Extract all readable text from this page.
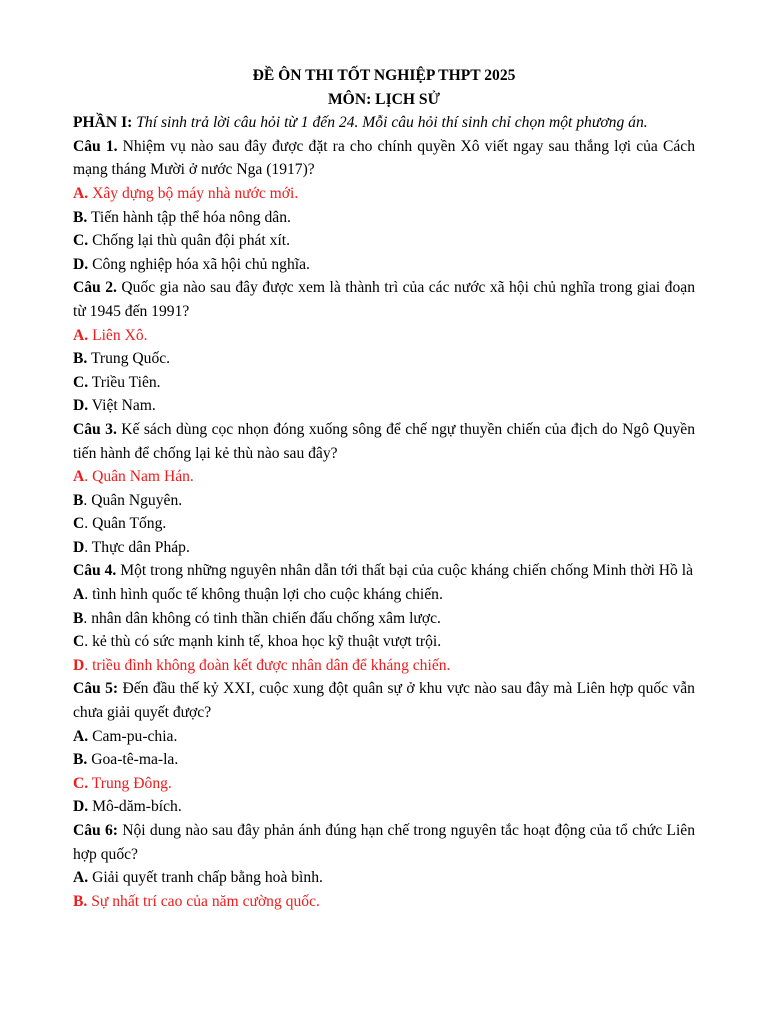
ĐỀ ÔN THI TỐT NGHIỆP THPT 2025
MÔN: LỊCH SỬ
PHẦN I: Thí sinh trả lời câu hỏi từ 1 đến 24. Mỗi câu hỏi thí sinh chỉ chọn một phương án.
Câu 1. Nhiệm vụ nào sau đây được đặt ra cho chính quyền Xô viết ngay sau thắng lợi của Cách mạng tháng Mười ở nước Nga (1917)?
A. Xây dựng bộ máy nhà nước mới.
B. Tiến hành tập thể hóa nông dân.
C. Chống lại thù quân đội phát xít.
D. Công nghiệp hóa xã hội chủ nghĩa.
Câu 2. Quốc gia nào sau đây được xem là thành trì của các nước xã hội chủ nghĩa trong giai đoạn từ 1945 đến 1991?
A. Liên Xô.
B. Trung Quốc.
C. Triều Tiên.
D. Việt Nam.
Câu 3. Kế sách dùng cọc nhọn đóng xuống sông để chế ngự thuyền chiến của địch do Ngô Quyền tiến hành để chống lại kẻ thù nào sau đây?
A. Quân Nam Hán.
B. Quân Nguyên.
C. Quân Tống.
D. Thực dân Pháp.
Câu 4. Một trong những nguyên nhân dẫn tới thất bại của cuộc kháng chiến chống Minh thời Hồ là
A. tình hình quốc tế không thuận lợi cho cuộc kháng chiến.
B. nhân dân không có tinh thần chiến đấu chống xâm lược.
C. kẻ thù có sức mạnh kinh tế, khoa học kỹ thuật vượt trội.
D. triều đình không đoàn kết được nhân dân để kháng chiến.
Câu 5: Đến đầu thế kỷ XXI, cuộc xung đột quân sự ở khu vực nào sau đây mà Liên hợp quốc vẫn chưa giải quyết được?
A. Cam-pu-chia.
B. Goa-tê-ma-la.
C. Trung Đông.
D. Mô-dăm-bích.
Câu 6: Nội dung nào sau đây phản ánh đúng hạn chế trong nguyên tắc hoạt động của tổ chức Liên hợp quốc?
A. Giải quyết tranh chấp bằng hoà bình.
B. Sự nhất trí cao của năm cường quốc.
